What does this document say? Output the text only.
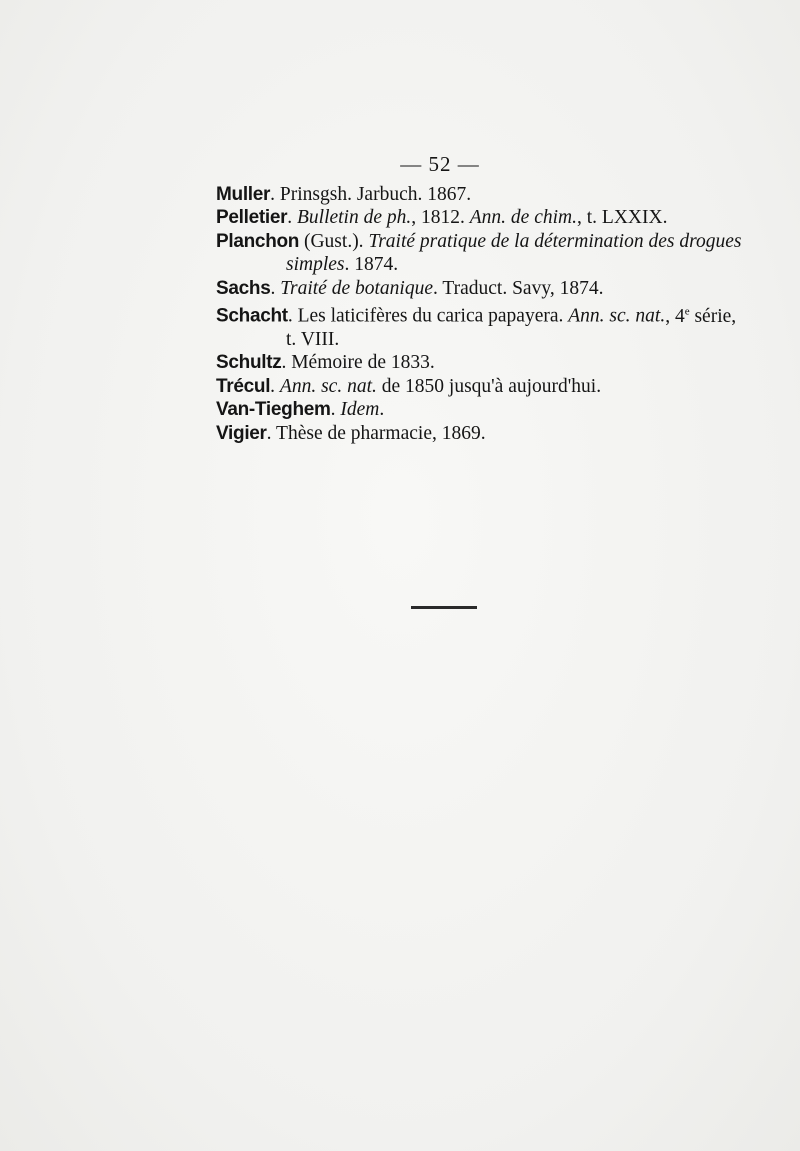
— 52 —
Muller. Prinsgsh. Jarbuch. 1867.
Pelletier. Bulletin de ph., 1812. Ann. de chim., t. LXXIX.
Planchon (Gust.). Traité pratique de la détermination des drogues
simples. 1874.
Sachs. Traité de botanique. Traduct. Savy, 1874.
Schacht. Les laticifères du carica papayera. Ann. sc. nat., 4e série,
t. VIII.
Schultz. Mémoire de 1833.
Trécul. Ann. sc. nat. de 1850 jusqu'à aujourd'hui.
Van-Tieghem. Idem.
Vigier. Thèse de pharmacie, 1869.
